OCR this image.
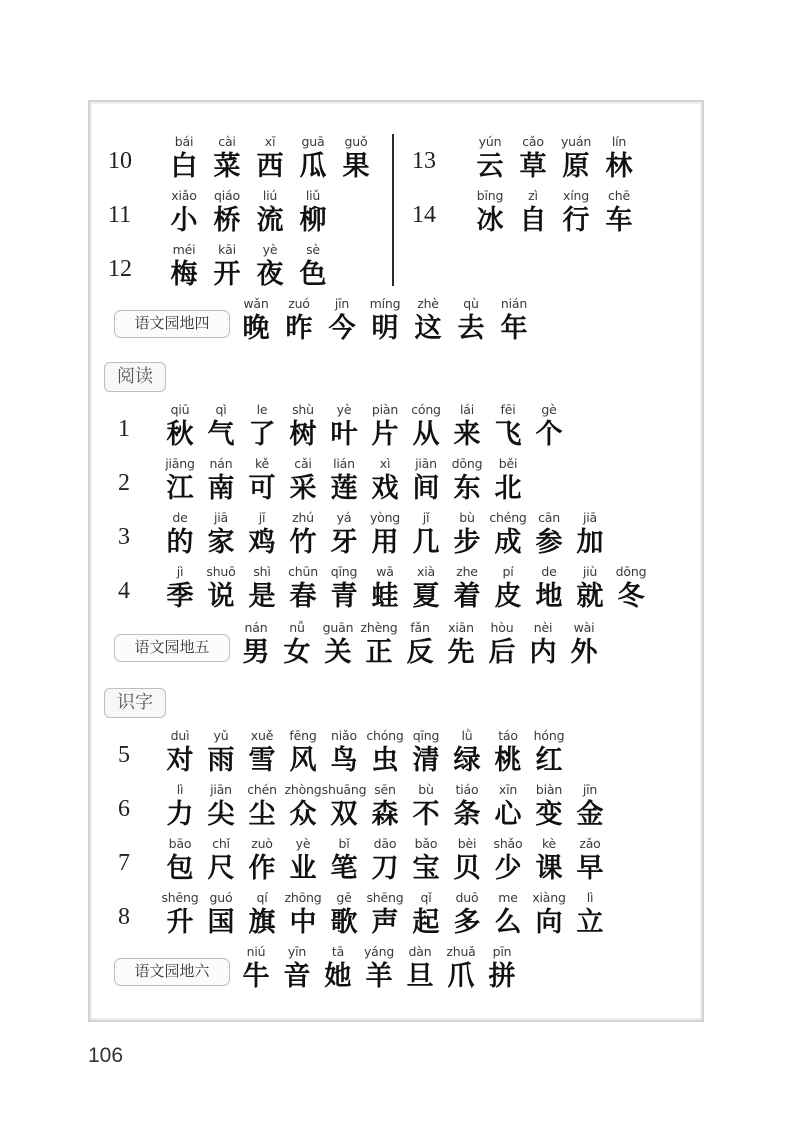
10
bái
白
cài
菜
xī
西
guā
瓜
guǒ
果
11
xiǎo
小
qiáo
桥
liú
流
liǔ
柳
12
méi
梅
kāi
开
yè
夜
sè
色
13
yún
云
cǎo
草
yuán
原
lín
林
14
bīng
冰
zì
自
xíng
行
chē
车
语文园地四
wǎn
晚
zuó
昨
jīn
今
míng
明
zhè
这
qù
去
nián
年
1
qiū
秋
qì
气
le
了
shù
树
yè
叶
piàn
片
cóng
从
lái
来
fēi
飞
gè
个
2
jiāng
江
nán
南
kě
可
cǎi
采
lián
莲
xì
戏
jiān
间
dōng
东
běi
北
3
de
的
jiā
家
jī
鸡
zhú
竹
yá
牙
yòng
用
jǐ
几
bù
步
chéng
成
cān
参
jiā
加
4
jì
季
shuō
说
shì
是
chūn
春
qīng
青
wā
蛙
xià
夏
zhe
着
pí
皮
de
地
jiù
就
dōng
冬
语文园地五
nán
男
nǚ
女
guān
关
zhèng
正
fǎn
反
xiān
先
hòu
后
nèi
内
wài
外
5
duì
对
yǔ
雨
xuě
雪
fēng
风
niǎo
鸟
chóng
虫
qīng
清
lǜ
绿
táo
桃
hóng
红
6
lì
力
jiān
尖
chén
尘
zhòng
众
shuāng
双
sēn
森
bù
不
tiáo
条
xīn
心
biàn
变
jīn
金
7
bāo
包
chǐ
尺
zuò
作
yè
业
bǐ
笔
dāo
刀
bǎo
宝
bèi
贝
shǎo
少
kè
课
zǎo
早
8
shēng
升
guó
国
qí
旗
zhōng
中
gē
歌
shēng
声
qǐ
起
duō
多
me
么
xiàng
向
lì
立
语文园地六
niú
牛
yīn
音
tā
她
yáng
羊
dàn
旦
zhuǎ
爪
pīn
拼
阅读
识字
106
